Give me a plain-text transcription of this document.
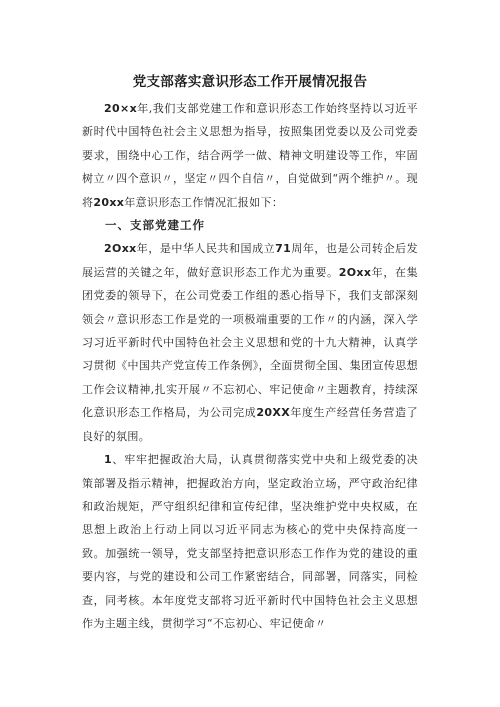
党支部落实意识形态工作开展情况报告

20×x年,我们支部党建工作和意识形态工作始终坚持以习近平新时代中国特色社会主义思想为指导，按照集团党委以及公司党委要求，围绕中心工作，结合两学一做、精神文明建设等工作，牢固树立〃四个意识〃，坚定〃四个自信〃，自觉做到“两个维护〃。现将20xx年意识形态工作情况汇报如下：

一、支部党建工作

2Oxx年，是中华人民共和国成立71周年，也是公司转企后发展运营的关键之年，做好意识形态工作尤为重要。2Oxx年，在集团党委的领导下，在公司党委工作组的悉心指导下，我们支部深刻领会〃意识形态工作是党的一项极端重要的工作〃的内涵，深入学习习近平新时代中国特色社会主义思想和党的十九大精神，认真学习贯彻《中国共产党宣传工作条例》，全面贯彻全国、集团宣传思想工作会议精神,扎实开展〃不忘初心、牢记使命〃主题教育，持续深化意识形态工作格局，为公司完成20XX年度生产经营任务营造了良好的氛围。

1、牢牢把握政治大局，认真贯彻落实党中央和上级党委的决策部署及指示精神，把握政治方向，坚定政治立场，严守政治纪律和政治规矩，严守组织纪律和宣传纪律，坚决维护党中央权威，在思想上政治上行动上同以习近平同志为核心的党中央保持高度一致。加强统一领导，党支部坚持把意识形态工作作为党的建设的重要内容，与党的建设和公司工作紧密结合，同部署，同落实，同检查，同考核。本年度党支部将习近平新时代中国特色社会主义思想作为主题主线，贯彻学习“不忘初心、牢记使命〃
